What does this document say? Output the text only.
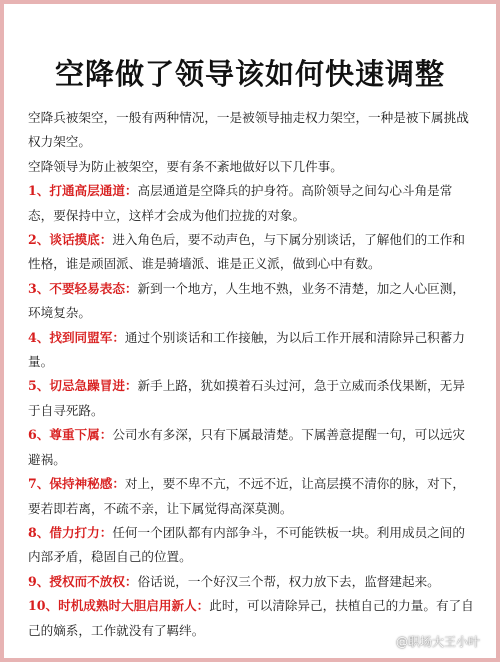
空降做了领导该如何快速调整

空降兵被架空，一般有两种情况，一是被领导抽走权力架空，一种是被下属挑战权力架空。

空降领导为防止被架空，要有条不紊地做好以下几件事。

1、打通高层通道：高层通道是空降兵的护身符。高阶领导之间勾心斗角是常态，要保持中立，这样才会成为他们拉拢的对象。

2、谈话摸底：进入角色后，要不动声色，与下属分别谈话，了解他们的工作和性格，谁是顽固派、谁是骑墙派、谁是正义派，做到心中有数。

3、不要轻易表态：新到一个地方，人生地不熟，业务不清楚，加之人心叵测，环境复杂。

4、找到同盟军：通过个别谈话和工作接触，为以后工作开展和清除异己积蓄力量。

5、切忌急躁冒进：新手上路，犹如摸着石头过河，急于立威而杀伐果断，无异于自寻死路。

6、尊重下属：公司水有多深，只有下属最清楚。下属善意提醒一句，可以远灾避祸。

7、保持神秘感：对上，要不卑不亢，不远不近，让高层摸不清你的脉，对下，要若即若离，不疏不亲，让下属觉得高深莫测。

8、借力打力：任何一个团队都有内部争斗，不可能铁板一块。利用成员之间的内部矛盾，稳固自己的位置。

9、授权而不放权：俗话说，一个好汉三个帮，权力放下去，监督建起来。

10、时机成熟时大胆启用新人：此时，可以清除异己，扶植自己的力量。有了自己的嫡系，工作就没有了羁绊。

@职场大王小叶
